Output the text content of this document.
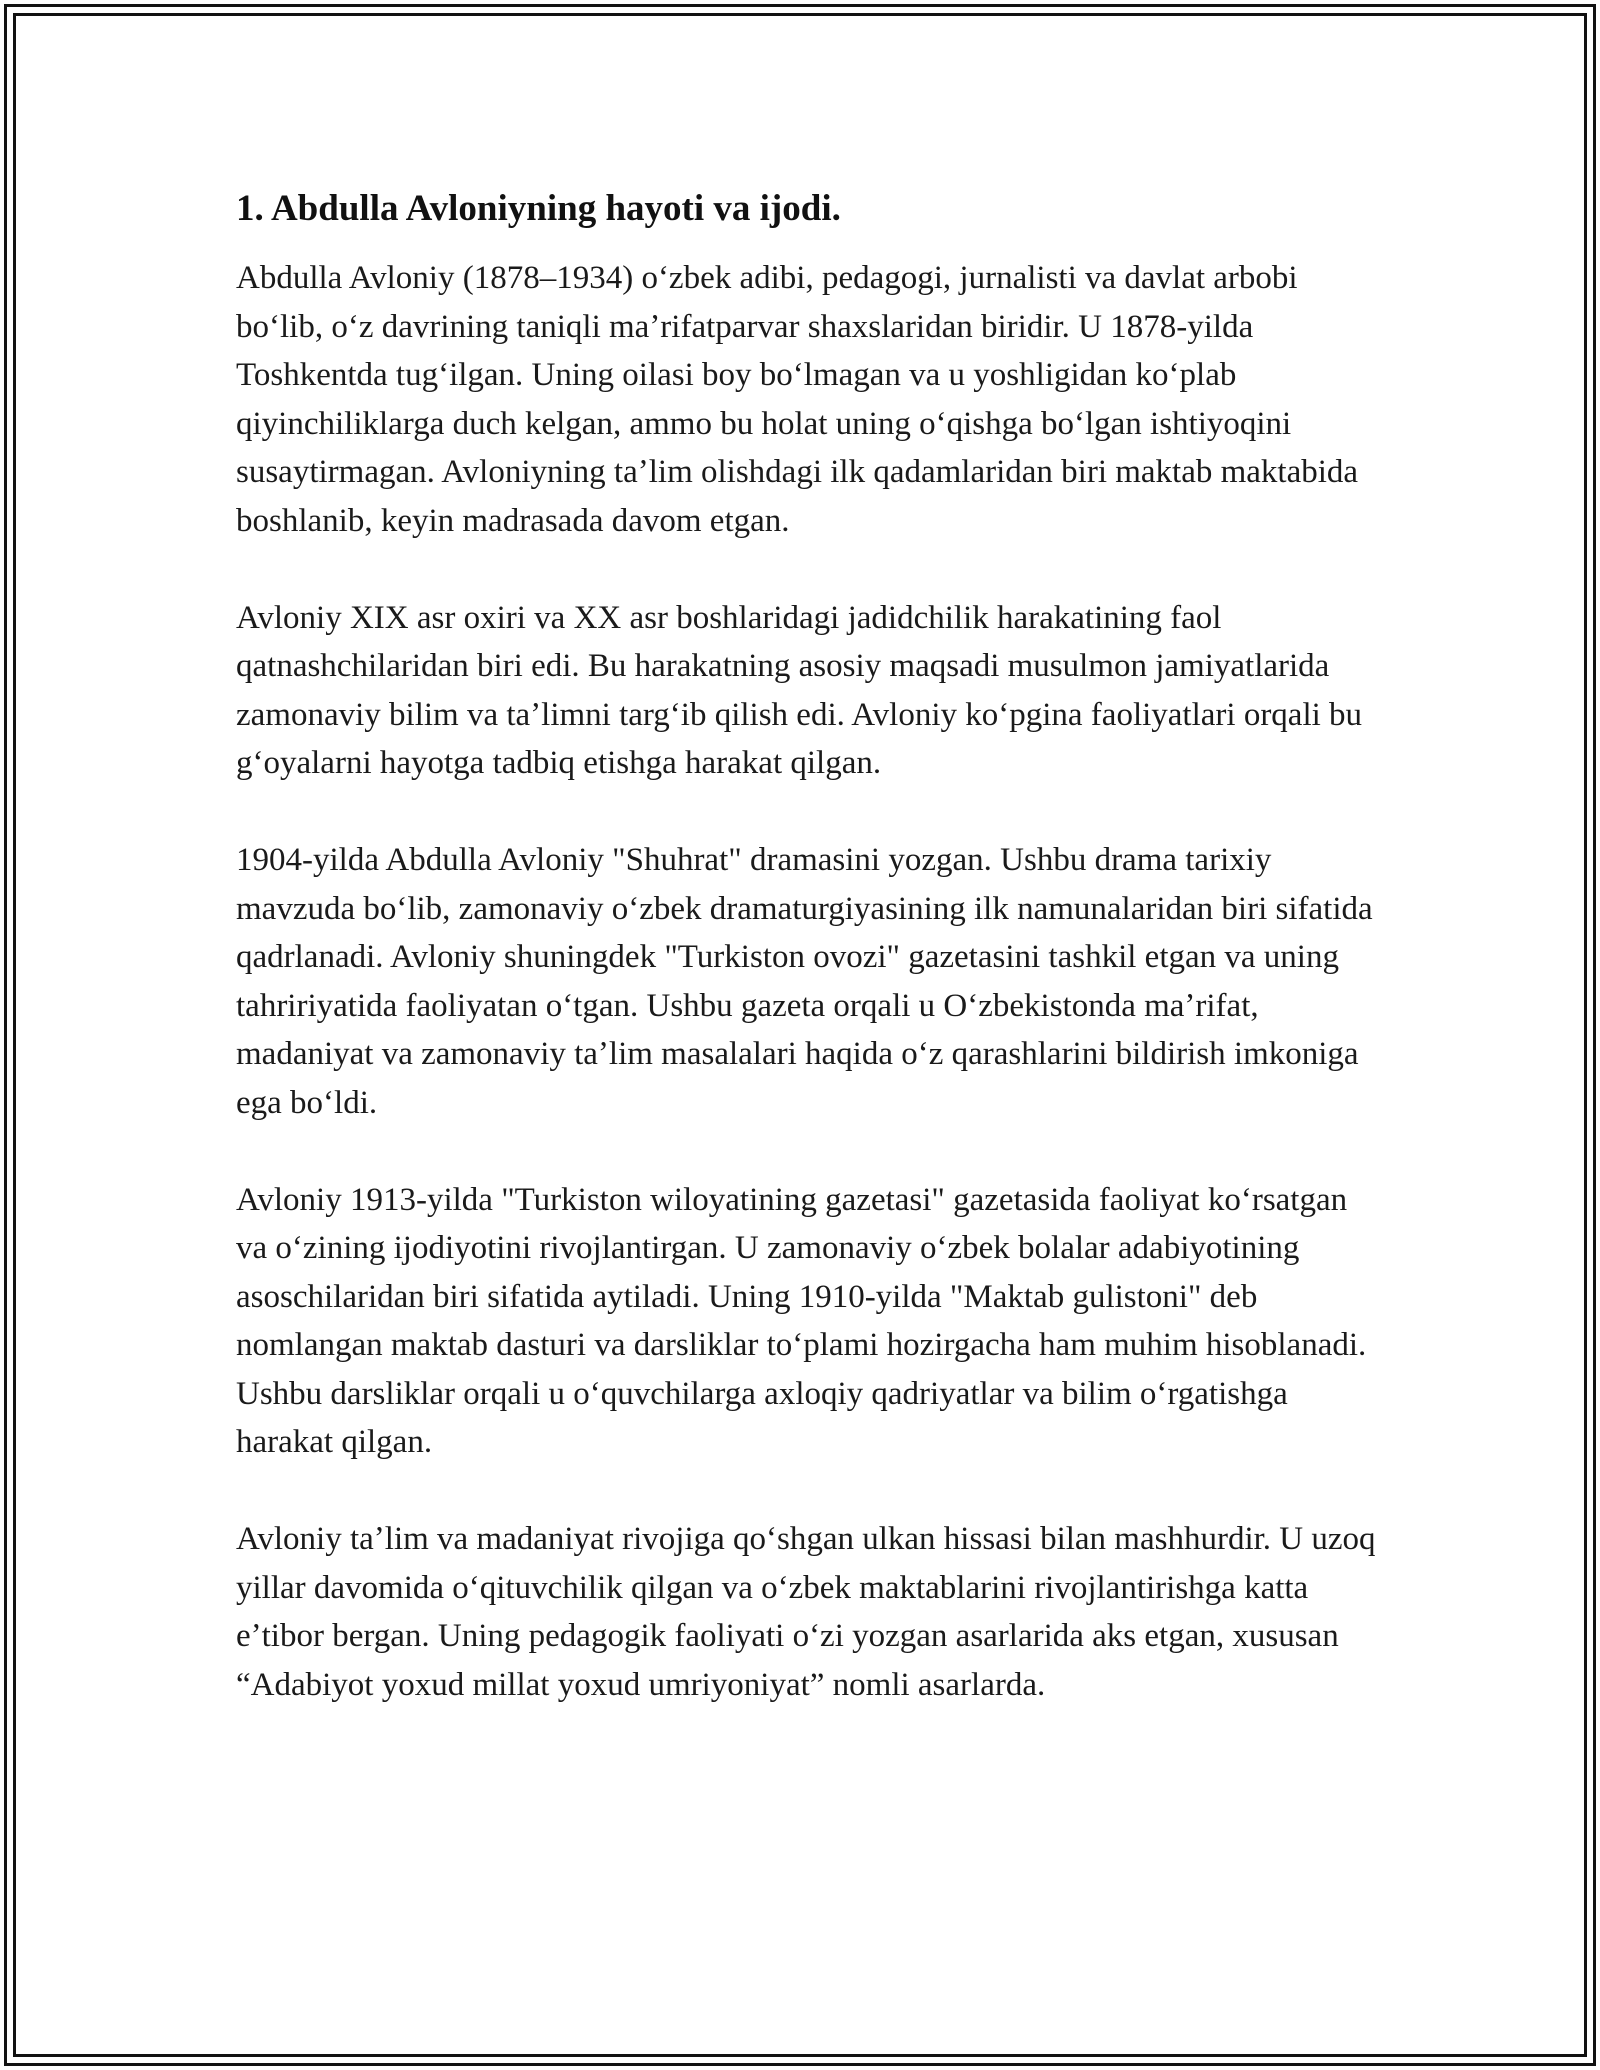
1. Abdulla Avloniyning hayoti va ijodi.

Abdulla Avloniy (1878–1934) oʻzbek adibi, pedagogi, jurnalisti va davlat arbobi boʻlib, oʻz davrining taniqli maʼrifatparvar shaxslaridan biridir. U 1878-yilda Toshkentda tugʻilgan. Uning oilasi boy boʻlmagan va u yoshligidan koʻplab qiyinchiliklarga duch kelgan, ammo bu holat uning oʻqishga boʻlgan ishtiyoqini susaytirmagan. Avloniyning taʼlim olishdagi ilk qadamlaridan biri maktab maktabida boshlanib, keyin madrasada davom etgan.

Avloniy XIX asr oxiri va XX asr boshlaridagi jadidchilik harakatining faol qatnashchilaridan biri edi. Bu harakatning asosiy maqsadi musulmon jamiyatlarida zamonaviy bilim va taʼlimni targʻib qilish edi. Avloniy koʻpgina faoliyatlari orqali bu gʻoyalarni hayotga tadbiq etishga harakat qilgan.

1904-yilda Abdulla Avloniy "Shuhrat" dramasini yozgan. Ushbu drama tarixiy mavzuda boʻlib, zamonaviy oʻzbek dramaturgiyasining ilk namunalaridan biri sifatida qadrlanadi. Avloniy shuningdek "Turkiston ovozi" gazetasini tashkil etgan va uning tahririyatida faoliyatan oʻtgan. Ushbu gazeta orqali u Oʻzbekistonda maʼrifat, madaniyat va zamonaviy taʼlim masalalari haqida oʻz qarashlarini bildirish imkoniga ega boʻldi.

Avloniy 1913-yilda "Turkiston wiloyatining gazetasi" gazetasida faoliyat koʻrsatgan va oʻzining ijodiyotini rivojlantirgan. U zamonaviy oʻzbek bolalar adabiyotining asoschilaridan biri sifatida aytiladi. Uning 1910-yilda "Maktab gulistoni" deb nomlangan maktab dasturi va darsliklar toʻplami hozirgacha ham muhim hisoblanadi. Ushbu darsliklar orqali u oʻquvchilarga axloqiy qadriyatlar va bilim oʻrgatishga harakat qilgan.

Avloniy taʼlim va madaniyat rivojiga qoʻshgan ulkan hissasi bilan mashhurdir. U uzoq yillar davomida oʻqituvchilik qilgan va oʻzbek maktablarini rivojlantirishga katta eʼtibor bergan. Uning pedagogik faoliyati oʻzi yozgan asarlarida aks etgan, xususan “Adabiyot yoxud millat yoxud umriyoniyat” nomli asarlarda.
